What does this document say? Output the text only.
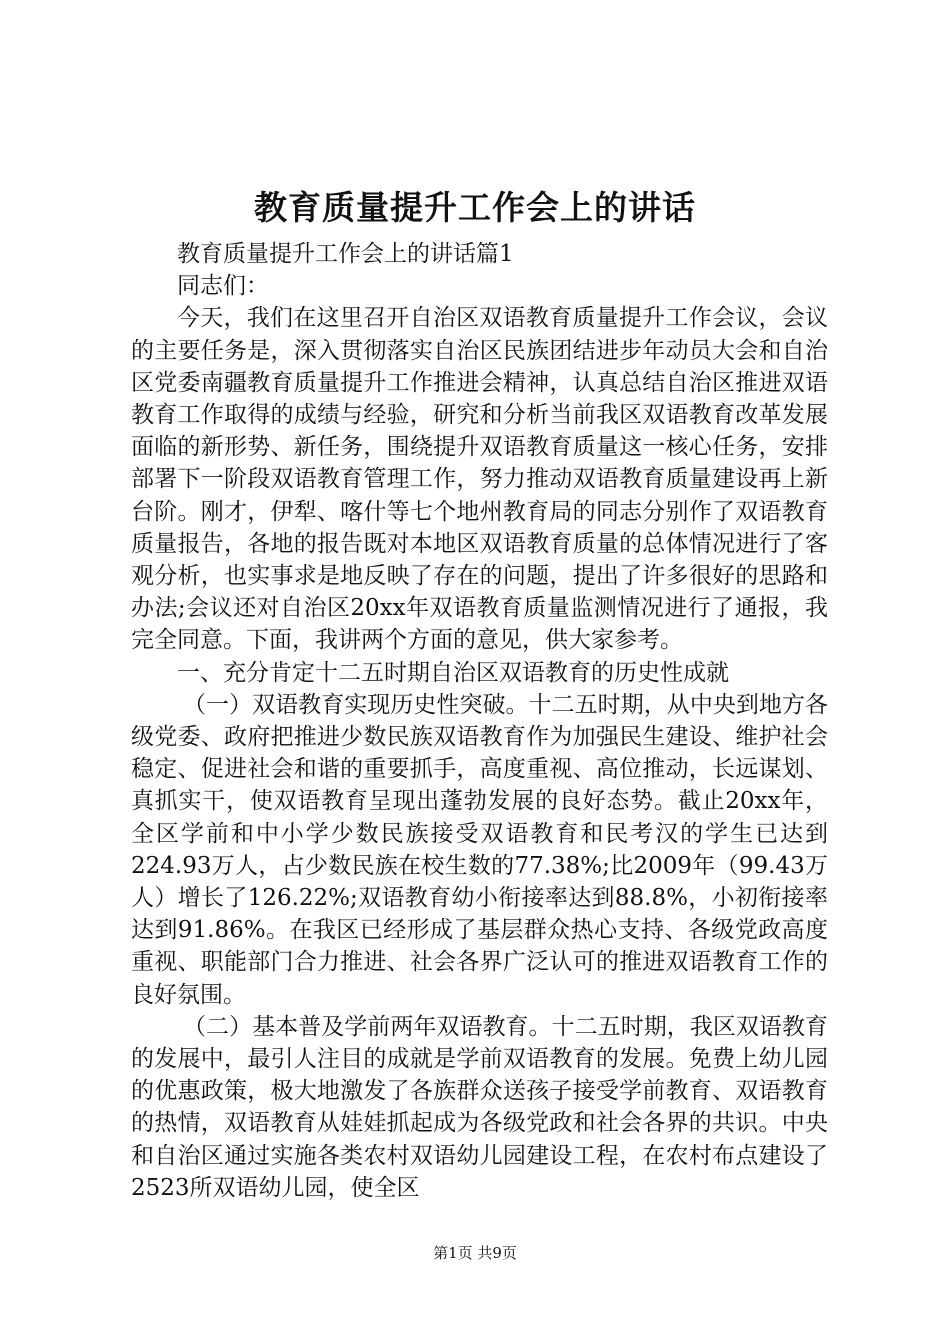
教育质量提升工作会上的讲话

教育质量提升工作会上的讲话篇1

同志们：

今天，我们在这里召开自治区双语教育质量提升工作会议，会议的主要任务是，深入贯彻落实自治区民族团结进步年动员大会和自治区党委南疆教育质量提升工作推进会精神，认真总结自治区推进双语教育工作取得的成绩与经验，研究和分析当前我区双语教育改革发展面临的新形势、新任务，围绕提升双语教育质量这一核心任务，安排部署下一阶段双语教育管理工作，努力推动双语教育质量建设再上新台阶。刚才，伊犁、喀什等七个地州教育局的同志分别作了双语教育质量报告，各地的报告既对本地区双语教育质量的总体情况进行了客观分析，也实事求是地反映了存在的问题，提出了许多很好的思路和办法;会议还对自治区20xx年双语教育质量监测情况进行了通报，我完全同意。下面，我讲两个方面的意见，供大家参考。

一、充分肯定十二五时期自治区双语教育的历史性成就

（一）双语教育实现历史性突破。十二五时期，从中央到地方各级党委、政府把推进少数民族双语教育作为加强民生建设、维护社会稳定、促进社会和谐的重要抓手，高度重视、高位推动，长远谋划、真抓实干，使双语教育呈现出蓬勃发展的良好态势。截止20xx年，全区学前和中小学少数民族接受双语教育和民考汉的学生已达到224.93万人，占少数民族在校生数的77.38%;比2009年（99.43万人）增长了126.22%;双语教育幼小衔接率达到88.8%，小初衔接率达到91.86%。在我区已经形成了基层群众热心支持、各级党政高度重视、职能部门合力推进、社会各界广泛认可的推进双语教育工作的良好氛围。

（二）基本普及学前两年双语教育。十二五时期，我区双语教育的发展中，最引人注目的成就是学前双语教育的发展。免费上幼儿园的优惠政策，极大地激发了各族群众送孩子接受学前教育、双语教育的热情，双语教育从娃娃抓起成为各级党政和社会各界的共识。中央和自治区通过实施各类农村双语幼儿园建设工程，在农村布点建设了2523所双语幼儿园，使全区

第1页 共9页
